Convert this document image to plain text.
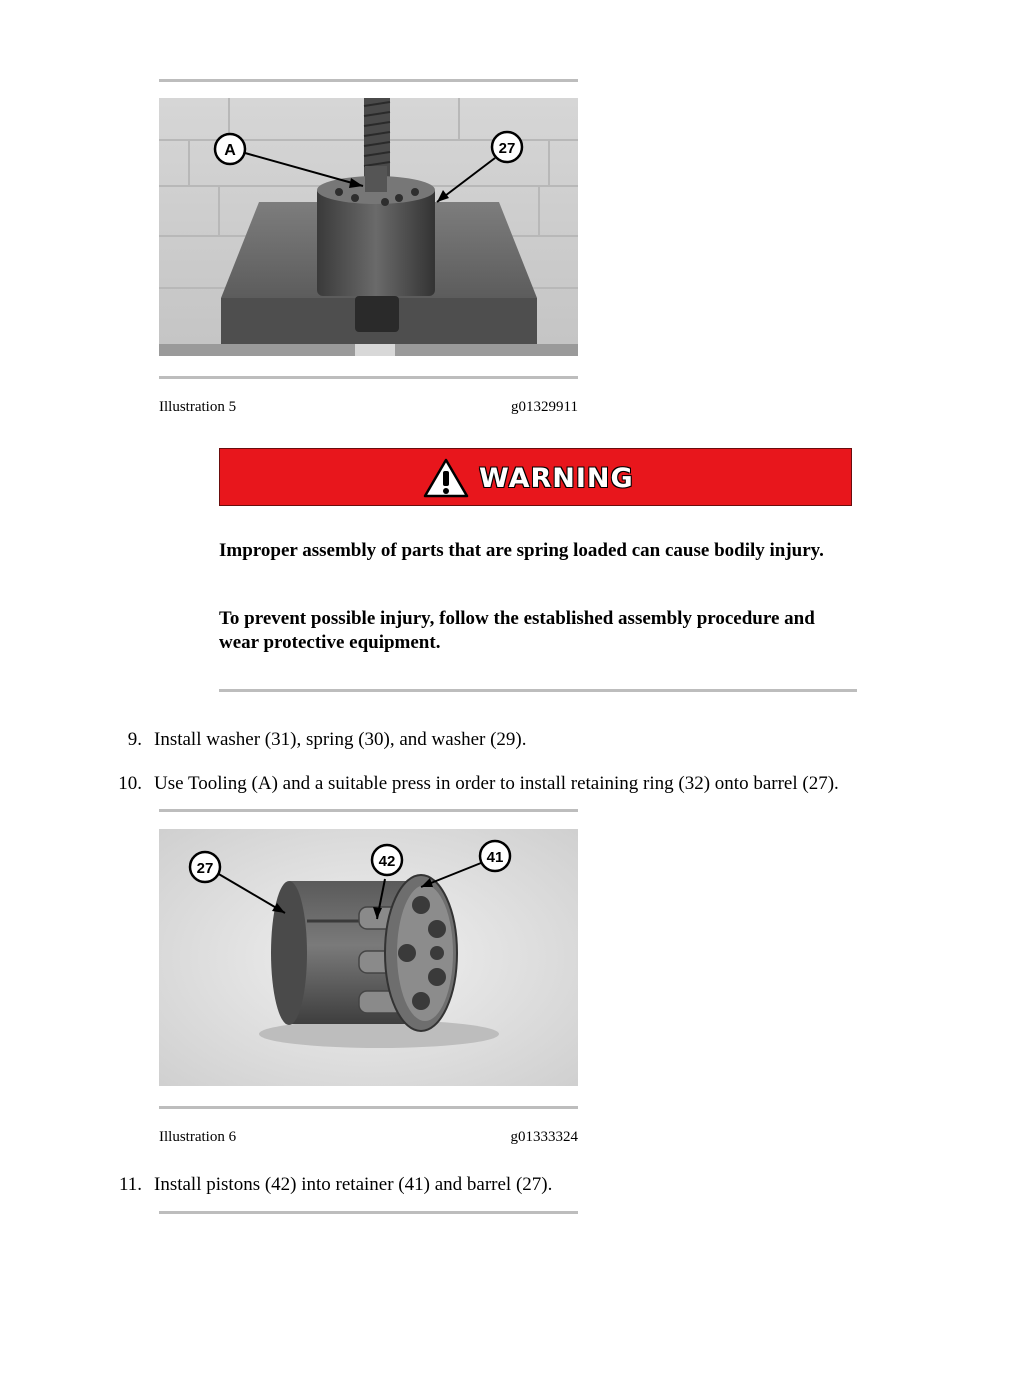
A	27
Illustration 5	g01329911
WARNING
Improper assembly of parts that are spring loaded can cause bodily injury.
To prevent possible injury, follow the established assembly procedure and wear protective equipment.
9. Install washer (31), spring (30), and washer (29).
10. Use Tooling (A) and a suitable press in order to install retaining ring (32) onto barrel (27).
27	42	41
Illustration 6	g01333324
11. Install pistons (42) into retainer (41) and barrel (27).
